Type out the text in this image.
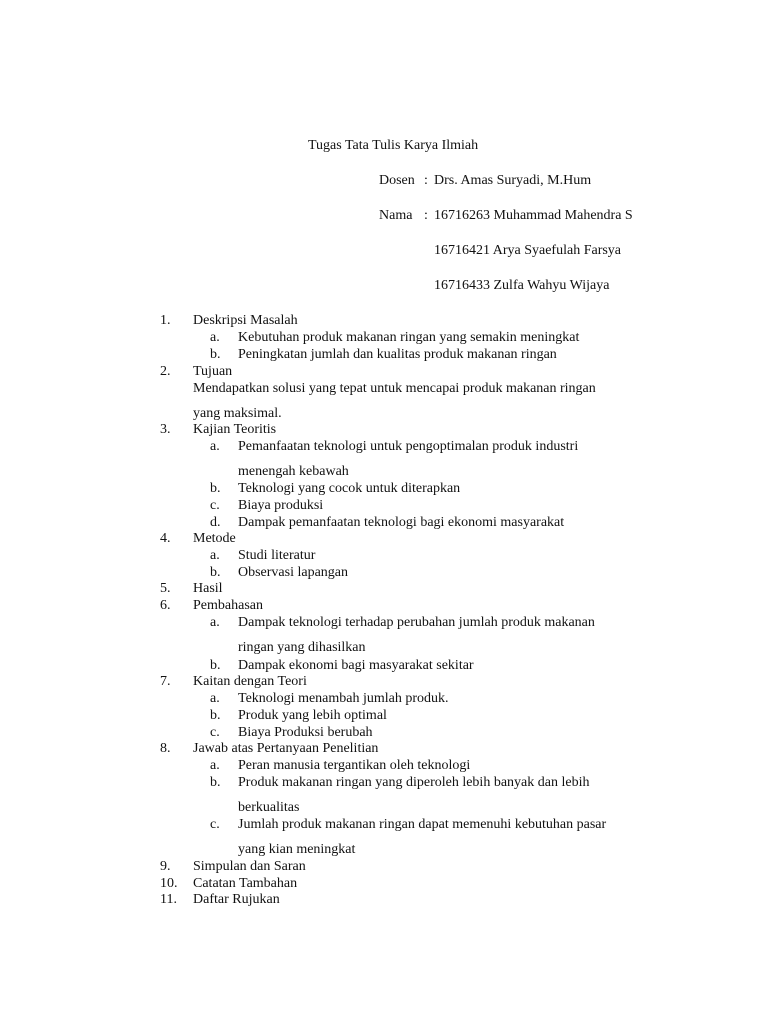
Tugas Tata Tulis Karya Ilmiah
Dosen : Drs. Amas Suryadi, M.Hum
Nama : 16716263 Muhammad Mahendra S
16716421 Arya Syaefulah Farsya
16716433 Zulfa Wahyu Wijaya
1.	Deskripsi Masalah
a.	Kebutuhan produk makanan ringan yang semakin meningkat
b.	Peningkatan jumlah dan kualitas produk makanan ringan
2.	Tujuan
Mendapatkan solusi yang tepat untuk mencapai produk makanan ringan
yang maksimal.
3.	Kajian Teoritis
a.	Pemanfaatan teknologi untuk pengoptimalan produk industri
menengah kebawah
b.	Teknologi yang cocok untuk diterapkan
c.	Biaya produksi
d.	Dampak pemanfaatan teknologi bagi ekonomi masyarakat
4.	Metode
a.	Studi literatur
b.	Observasi lapangan
5.	Hasil
6.	Pembahasan
a.	Dampak teknologi terhadap perubahan jumlah produk makanan
ringan yang dihasilkan
b.	Dampak ekonomi bagi masyarakat sekitar
7.	Kaitan dengan Teori
a.	Teknologi menambah jumlah produk.
b.	Produk yang lebih optimal
c.	Biaya Produksi berubah
8.	Jawab atas Pertanyaan Penelitian
a.	Peran manusia tergantikan oleh teknologi
b.	Produk makanan ringan yang diperoleh lebih banyak dan lebih
berkualitas
c.	Jumlah produk makanan ringan dapat memenuhi kebutuhan pasar
yang kian meningkat
9.	Simpulan dan Saran
10.	Catatan Tambahan
11.	Daftar Rujukan
